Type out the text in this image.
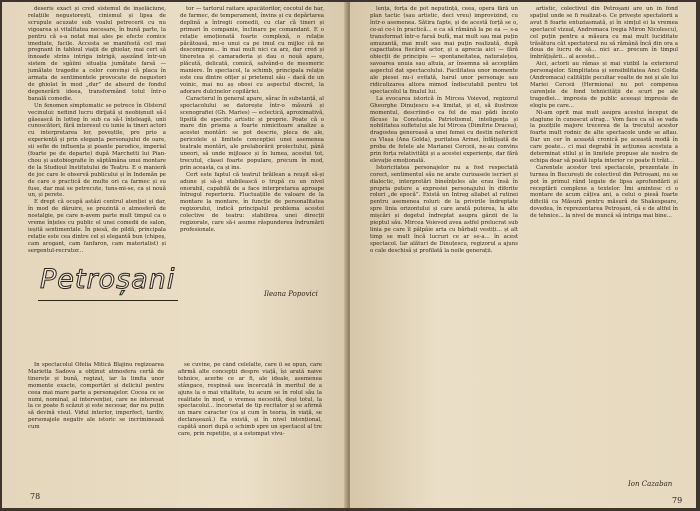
deseris exact și cred sistemul de înșelăciune, relațiile negustorești, cinismul și lipsa de scrupule acuzate sub voalul petrecerii cu nu vigoarea și vitalitatea necesare, în bună parte, la pentru că s-a notat mai ales pe efecte comice imediate, facile. Accesta se manifestă cel mai pregnant în tabloul viații de ghiolar, mai cert să înnoade strins intriga intrigă, așezând într-un sistem de sgâiini situația jumătate farsă — jumătate tragedie a celor convinși că placa în armata de sentimentele provocate de negustori de ghiolat în mod „dur” de absurd de fondul degenerării ideea, transformând totul într-o banală comedie.

Un fenomen simptomatic se petrece în Olsterul vecinului: nefiind lucru dirijată și neobișnuit să-l găsească în lotteg în sub ca să-l înțeleagă, unii cunoscători, fără interesul cu iunie la tineri actori cu interpretarea lor, poveștile, pro prio a experiență și prin eleganța personajului de oare, sii sefie de influența și poante parodice, imperial (foarte pe de departe) după Marchetti lui Pian-chou și autobiografie în săptămâna unui montare de la Studioul Institutului de Teatru. E o manieră de joc care le observă publicului și în Indemăn pe de care o practică de multe ori ca farmec și su fuse, dar mai se petrecute, tuns-mi-se, ca și nouă un, și perete.

E drept că ocupă astăzi centrul atenției și dar, în mod de dăruire, se prezintă o atmosferă de nostalgie, pe care n-avem parte mult timpul ca o vreme înțeles cu public el unei comedii de salon, ieșită sentimentale. În piesă, de pildă, principala relație este cea dintre cel și elegantă bun (chipeș, cam arogant, cam fanfaron, cam materialist) și sergentul-recrutor...

tor — tartorul raitare apucătorilor, cocotul de har, de farmec, de temperament, învins și cu depărtarea deplină a întregii comedii, cu clar că tineri și primari în companie, înclinare pe comandant. E o relație emoționată foarte complexă, o relație păcătoasă, mi-e unui ca pe imul cu mijloc că ne descompune... în mai mult nici ca arz, dar cred și tineretea și camaraderia și dau o nouă apare, plăcută, delicată, comică, salvând-o de mesmeric maniere. În spectacol, la schimb, principala relație este cea dintre ofițer și prietenul sâu – dacă de un voinic, mai nu aș obosi cu aspectul discret, la adorare dulcinelor copilăriei.

Caracterul în general apare, sărac în substanță, al spectacolului se datorește într-o măsură și scenografiei (Gh. Maries) — eclectică, aproximativă, lipsită de specific artistic și proprie. Poate că o mare din prisma a foarte nimicitoare analize a acestei montări: se pot descrie, pleca de ale, pericolele și limitele concepției unei asemenea teatrale montări, ale prelaborării proiectului, până uneori, să unde mijloace și în lumea, acestui tot, trecutul, clasei foarte populare, precum în mod, prin aceasta, ca și ins.

Cert este faptul că teatrul brăilean a reușit să-și adune și să-și stabilească o trupă cu un nivel onorabil, capabilă de a face interpretarea aproape întregul repertoriu. Fluctuațiile de valoare de la montare la montare, în funcție de personalitatea regizorului, indică principalul problema acestei colective de teatru: stabilirea unei direcții regizorale, care să-i asume răspunderea îndrumării profesionale.

Ileana Popovici
Petroșani

În spectacolul Ofelia Mitică Blajinu regizoarea Marietta Sadova a obținut atmosfera certă de tinerețe și bună, regizat, iar la limita unor momente exacte, comportări și deliciul pentru ceea mai mare parte a personajelor. Cocea ce se numi, nominal, al intervenției, care ne interesat la ce poate fi scăzut și este necesar, dar nu puțin să devină visul. Vidul interior, imperfect, tardiv, personajele negativ ale istoric se incriminează cum

se cuvine, pe când celelalte, care îi se opun, care afirmă alte concepții despre viață, își arată naive tehnice, acerbe ce ar fi, ale ideale, asemenea stângace, respinsă sau încercată în meritul de a ajuns la o mai vitalitate, tu acum se în rolul său la realitate în mod, o vremea necesită, deși totul, la spectacolul... încorsetat de tip recitator și se afirmă un mare caracter (ca și cum în teoria, în viață, se declanșează.) Ea există, și în nivel intențional, capătă unori după o schimb spre un spectacol al tre care, prin repetiție, și a estompat vivu-

78

lența, forța de pot neputință, ceea, opera fără un plan tactic (sau artistic, deci vreu) improvizind, cu într-o asemenea. Sătira fapte, și de acestă forță se o, ce-ai ce-i în practică... e ca să rămână la pe ea — s-a transformat într-o farsă bufă, mai mult sau mai puțin amuzantă, mai mult sau mai puțin realizată, după capacitatea fiecărui actor, și a aprecia aici — fără obiecții de principiu — spontaneitatea, naturalețea, savoarea unuia sau altuia, ar însemna să acceptăm aspectul dat spectacolului. Facilitatea unor momente ale piesei nu-i evitată, harul unor personaje sau ridiculizarea altora mimod îndiscutabil pentru tot spectacolul la finalul lui.

La evocarea istorică în Mircea Voievod, regizorul Gheorghe Dinuțescu s-a limitat, și el, să ilustreze momentul, descriind-o ca fel de mai pădi încolo făcuse la Constanța. Patriotismul, inteligența și nobilitatea sufletului ale lui Mircea (Dimitrie Dracea), dragostea generoasă a unei femei cu destin nefericit ca Vlașa (Ana Golda), puritatea Arinei, înfățișată de proba de fetele ale Marianei Cerceii, ne-au convins prin forța relativității și a acestei experiențe, dar fără elevație emoțională.

Istoricitatea personajelor nu a fost respectată corect, sentimentul său ne arate curioasele iscrieri și dialectic, interpretări bineînțeles ale erau însă în propria putere a expresiei personajului în diferite roluri „de epocă”. Există un Intreg aliabet al rutinei pentru asemenea roluri: de la privirile îndreptate spre linia orizontului și care arată puterea, la alte mișcări și degetul îndreptat asupra gârzii de la pieptul său. Mircea Voievod avea astfel prelucrat sub linia pe care îl pâlpâie arta cu bărbați vestiți... și alt timp se mult încă lucruri ce ar se-a... în acest spectacol. Iar alături de Dinuțescu, regizorul a ajuns o cale deschisă și profilată la noile generații.

artistic, colectivul din Petroșani are un în fond spațiul unde se fi realizat-o. Ce privește spectatorii a avut fi foarte entuziasmată, și în simțul ei la vremea spectacol vizual, Andromaca (regia Miron Nicolescu), cel puțin pentru a măsura cu mai mult luciditate trăsătura cât spectatorul nu să rămână încă din ora a doua de lucru de să... nici ar... precum în timpul îmbrățișării... al acestei...

Aici, actorii au rămas și mai vizibil la exteriorul personajelor. Simplitatea și sensibilitatea Anci Colda (Andromaca) calitățile peculiar voalte de noi și ale lui Mariei Cerceii (Hermiona) nu pot compensa carențele de fond tehnicității de scurt pe ale tragediei... impresia de public aceeași impresie de elogiu pe care...

Ni-am oprit mai mult asupra acestui început de stagiune în cunoscut atrag... Vom face ca să se vada la pozițiile majore trecerea de la trecutul acestor foarte mult rodnic de alte spectacole unde se aflau. Dar un cer în această cronică pe această modă în care poate... ci mai degrabă în acțiunea acestuia a determinat stilul și în limitele propuse ale nostru de echipa doar să poată lupta interior ce poate fi trăit...

Carentele acestor trei spectacole, prezentate în turnea în București de colectivul din Petroșani, nu se pot în primul rând legate de lipsa aprofundării și receptării complexe a textelor. Îmi amintesc ci o montare de acum câțiva ani, a celui o piesă foarte dificilă ca Măsură pentru măsură de Shakespeare, dovedea, în reprezentarea Petroșani, că e de altfel în de tehnice... la nivel de muncă să intriga mai bine...

Ion Cazaban
79
